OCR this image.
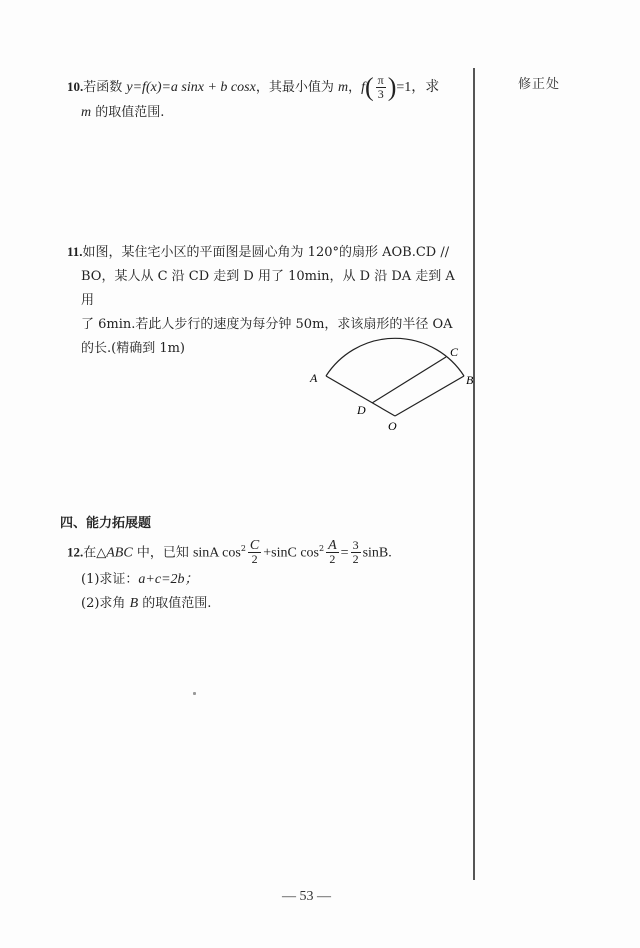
修正处
10.若函数 y=f(x)=a sinx + b cosx，其最小值为 m，$f( \frac{\pi}{3} )=1$，求
m 的取值范围.
11.如图，某住宅小区的平面图是圆心角为 120°的扇形 AOB.CD //
BO，某人从 C 沿 CD 走到 D 用了 10min，从 D 沿 DA 走到 A 用
了 6min.若此人步行的速度为每分钟 50m，求该扇形的半径 OA
的长.(精确到 1m)
A	B
C
D
O
四、能力拓展题
12.在△ABC 中，已知 sinA $\cos^2 \frac{C}{2} +\sin C$ $\cos^2 \frac{A}{2} = \frac{3}{2} \sin B$.
(1)求证：a+c=2b；
(2)求角 B 的取值范围.
— 53 —
